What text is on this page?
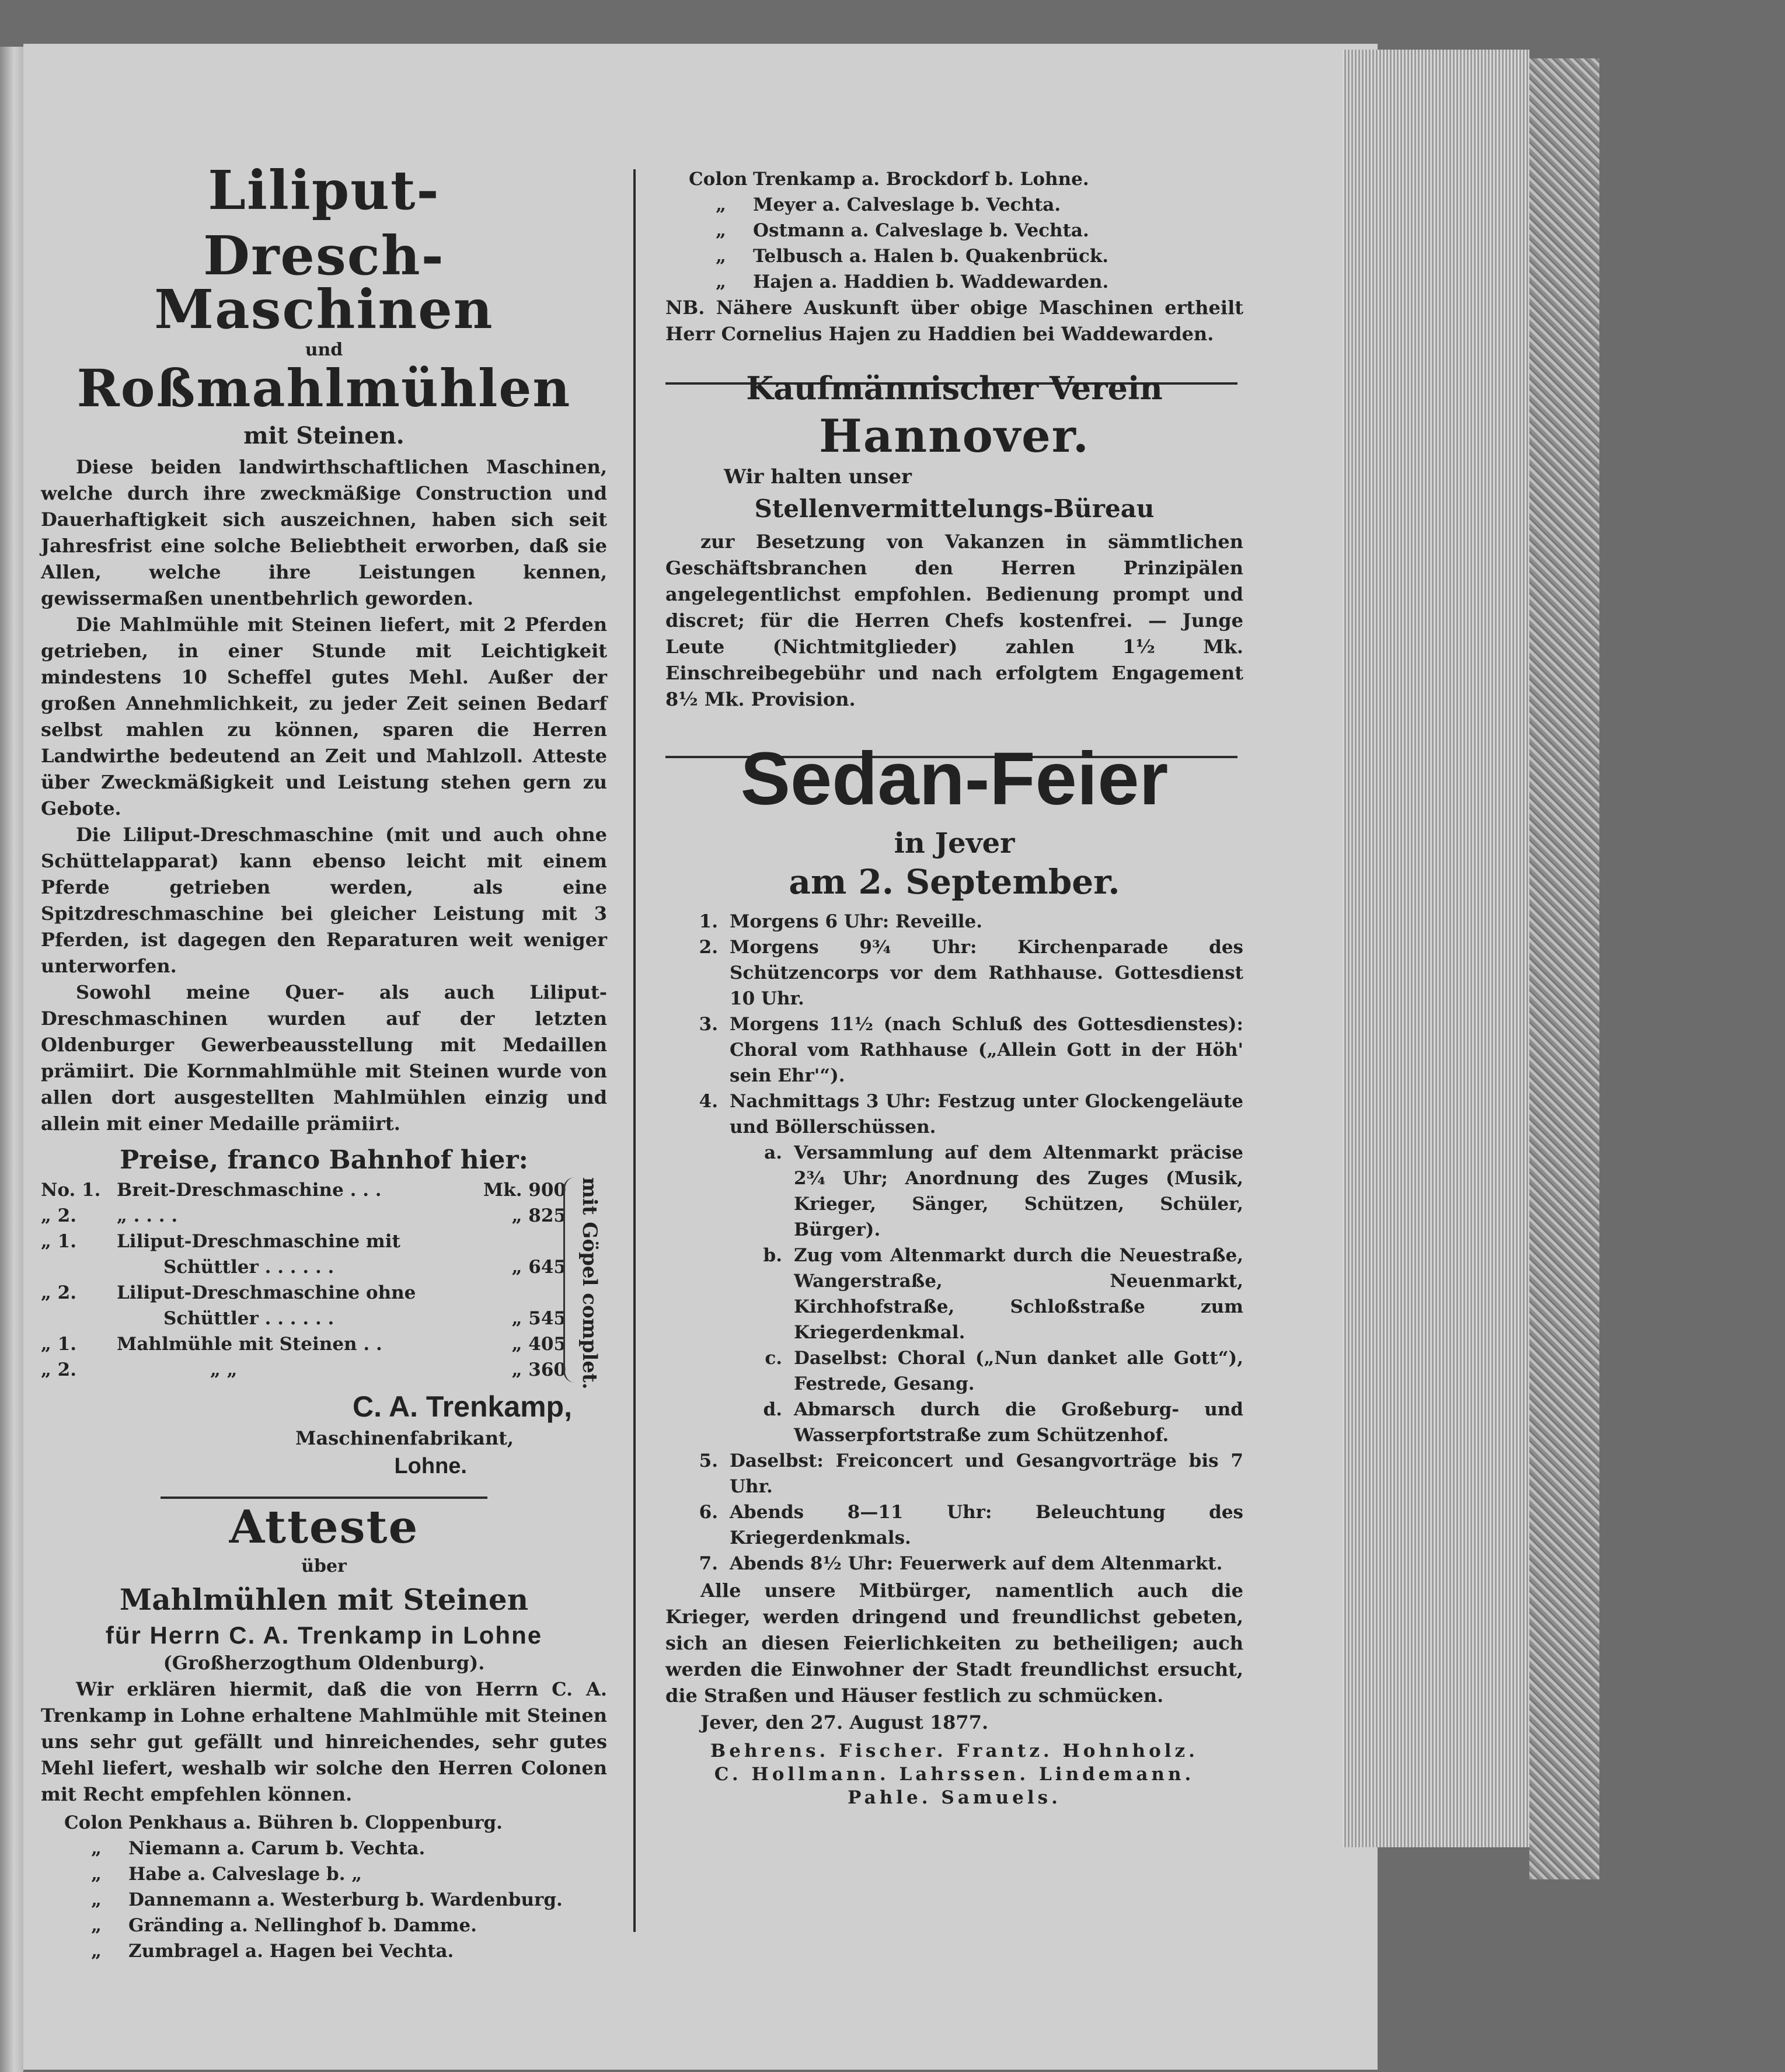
Liliput-
Dresch-Maschinen
und
Roßmahlmühlen
mit Steinen.

Diese beiden landwirthschaftlichen Maschinen, welche durch ihre zweckmäßige Construction und Dauerhaftigkeit sich auszeichnen, haben sich seit Jahresfrist eine solche Beliebtheit erworben, daß sie Allen, welche ihre Leistungen kennen, gewissermaßen unentbehrlich geworden.

Die Mahlmühle mit Steinen liefert, mit 2 Pferden getrieben, in einer Stunde mit Leichtigkeit mindestens 10 Scheffel gutes Mehl. Außer der großen Annehmlichkeit, zu jeder Zeit seinen Bedarf selbst mahlen zu können, sparen die Herren Landwirthe bedeutend an Zeit und Mahlzoll. Atteste über Zweckmäßigkeit und Leistung stehen gern zu Gebote.

Die Liliput-Dreschmaschine (mit und auch ohne Schüttelapparat) kann ebenso leicht mit einem Pferde getrieben werden, als eine Spitzdreschmaschine bei gleicher Leistung mit 3 Pferden, ist dagegen den Reparaturen weit weniger unterworfen.

Sowohl meine Quer- als auch Liliput-Dreschmaschinen wurden auf der letzten Oldenburger Gewerbeausstellung mit Medaillen prämiirt. Die Kornmahlmühle mit Steinen wurde von allen dort ausgestellten Mahlmühlen einzig und allein mit einer Medaille prämiirt.

Preise, franco Bahnhof hier:
No. 1. Breit-Dreschmaschine . . .	Mk. 900
„ 2.	„ . . . .	„ 825
„ 1.	Liliput-Dreschmaschine mit
Schüttler . . . . . .	„ 645
„ 2.	Liliput-Dreschmaschine ohne
Schüttler . . . . . .	„ 545
„ 1.	Mahlmühle mit Steinen . .	„ 405
„ 2.	„ „	„ 360 mit Göpel complet.
C. A. Trenkamp,
Maschinenfabrikant,
Lohne.
Atteste
über
Mahlmühlen mit Steinen
für Herrn C. A. Trenkamp in Lohne
(Großherzogthum Oldenburg).

Wir erklären hiermit, daß die von Herrn C. A. Trenkamp in Lohne erhaltene Mahlmühle mit Steinen uns sehr gut gefällt und hinreichendes, sehr gutes Mehl liefert, weshalb wir solche den Herren Colonen mit Recht empfehlen können.

Colon Penkhaus a. Bühren b. Cloppenburg.
„	Niemann a. Carum b. Vechta.
„	Habe a. Calveslage b. „
„	Dannemann a. Westerburg b. Wardenburg.
„	Gränding a. Nellinghof b. Damme.
„	Zumbragel a. Hagen bei Vechta.
Colon Trenkamp a. Brockdorf b. Lohne.
„	Meyer a. Calveslage b. Vechta.
„	Ostmann a. Calveslage b. Vechta.
„	Telbusch a. Halen b. Quakenbrück.
„	Hajen a. Haddien b. Waddewarden.

NB. Nähere Auskunft über obige Maschinen ertheilt Herr Cornelius Hajen zu Haddien bei Waddewarden.

Kaufmännischer Verein
Hannover.
Wir halten unser
Stellenvermittelungs-Büreau

zur Besetzung von Vakanzen in sämmtlichen Geschäftsbranchen den Herren Prinzipälen angelegentlichst empfohlen. Bedienung prompt und discret; für die Herren Chefs kostenfrei. — Junge Leute (Nichtmitglieder) zahlen 1½ Mk. Einschreibegebühr und nach erfolgtem Engagement 8½ Mk. Provision.

Sedan-Feier
in Jever
am 2. September.
1. Morgens 6 Uhr: Reveille.
2. Morgens 9¾ Uhr: Kirchenparade des Schützencorps vor dem Rathhause. Gottesdienst 10 Uhr.
3. Morgens 11½ (nach Schluß des Gottesdienstes): Choral vom Rathhause („Allein Gott in der Höh' sein Ehr'“).
4. Nachmittags 3 Uhr: Festzug unter Glockengeläute und Böllerschüssen.
a. Versammlung auf dem Altenmarkt präcise 2¾ Uhr; Anordnung des Zuges (Musik, Krieger, Sänger, Schützen, Schüler, Bürger).
b. Zug vom Altenmarkt durch die Neuestraße, Wangerstraße, Neuenmarkt, Kirchhofstraße, Schloßstraße zum Kriegerdenkmal.
c. Daselbst: Choral („Nun danket alle Gott“), Festrede, Gesang.
d. Abmarsch durch die Großeburg- und Wasserpfortstraße zum Schützenhof.
5. Daselbst: Freiconcert und Gesangvorträge bis 7 Uhr.
6. Abends 8—11 Uhr: Beleuchtung des Kriegerdenkmals.
7. Abends 8½ Uhr: Feuerwerk auf dem Altenmarkt.

Alle unsere Mitbürger, namentlich auch die Krieger, werden dringend und freundlichst gebeten, sich an diesen Feierlichkeiten zu betheiligen; auch werden die Einwohner der Stadt freundlichst ersucht, die Straßen und Häuser festlich zu schmücken.

Jever, den 27. August 1877.
Behrens. Fischer. Frantz. Hohnholz.
C. Hollmann. Lahrssen. Lindemann.
Pahle. Samuels.
